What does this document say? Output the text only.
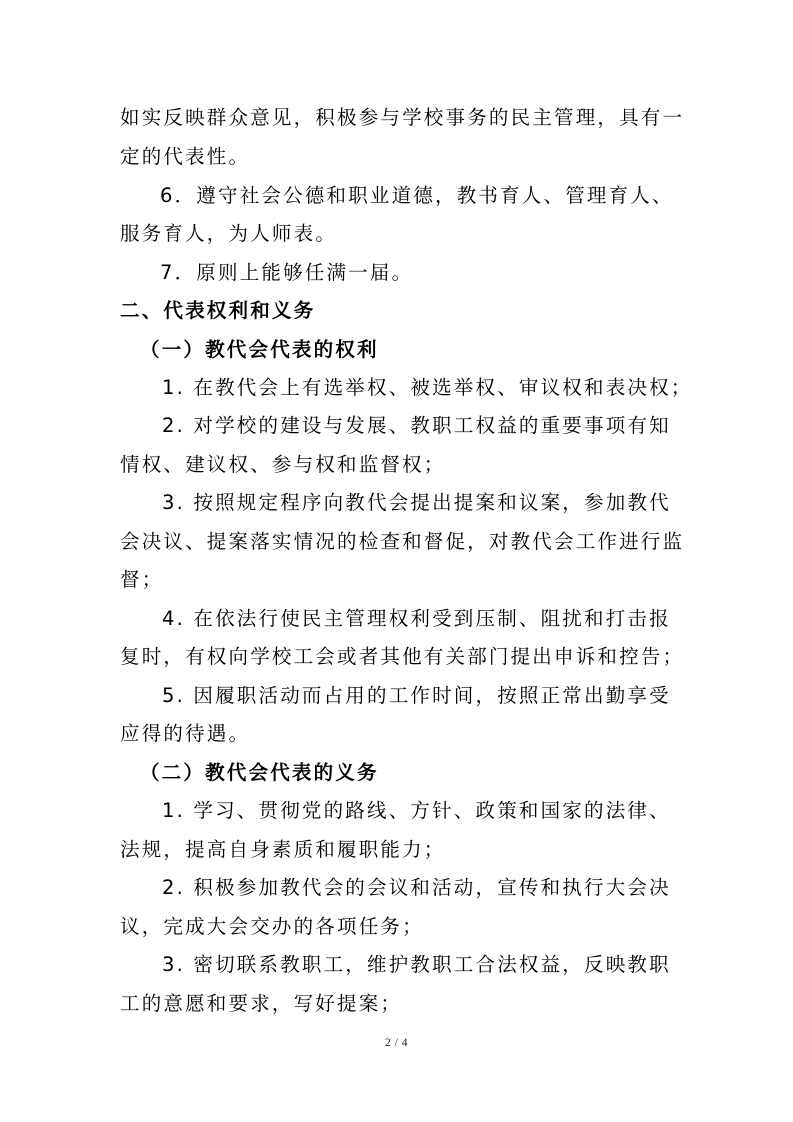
如实反映群众意见，积极参与学校事务的民主管理，具有一
定的代表性。
6．遵守社会公德和职业道德，教书育人、管理育人、
服务育人，为人师表。
7．原则上能够任满一届。
二、代表权利和义务
（一）教代会代表的权利
1. 在教代会上有选举权、被选举权、审议权和表决权；
2. 对学校的建设与发展、教职工权益的重要事项有知
情权、建议权、参与权和监督权；
3. 按照规定程序向教代会提出提案和议案，参加教代
会决议、提案落实情况的检查和督促，对教代会工作进行监
督；
4. 在依法行使民主管理权利受到压制、阻扰和打击报
复时，有权向学校工会或者其他有关部门提出申诉和控告；
5. 因履职活动而占用的工作时间，按照正常出勤享受
应得的待遇。
（二）教代会代表的义务
1. 学习、贯彻党的路线、方针、政策和国家的法律、
法规，提高自身素质和履职能力；
2. 积极参加教代会的会议和活动，宣传和执行大会决
议，完成大会交办的各项任务；
3. 密切联系教职工，维护教职工合法权益，反映教职
工的意愿和要求，写好提案；
2 / 4
